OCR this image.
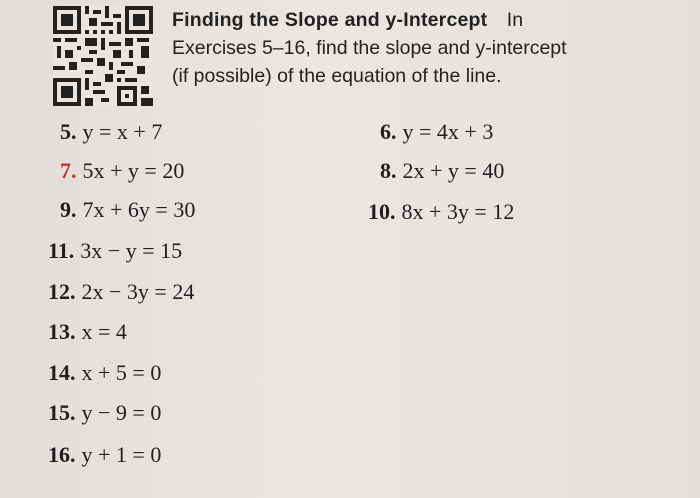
Finding the Slope and y-Intercept In
Exercises 5–16, find the slope and y-intercept
(if possible) of the equation of the line.
5. y = x + 7
7. 5x + y = 20
9. 7x + 6y = 30
11. 3x − y = 15
12. 2x − 3y = 24
13. x = 4
14. x + 5 = 0
15. y − 9 = 0
16. y + 1 = 0
6. y = 4x + 3
8. 2x + y = 40
10. 8x + 3y = 12
